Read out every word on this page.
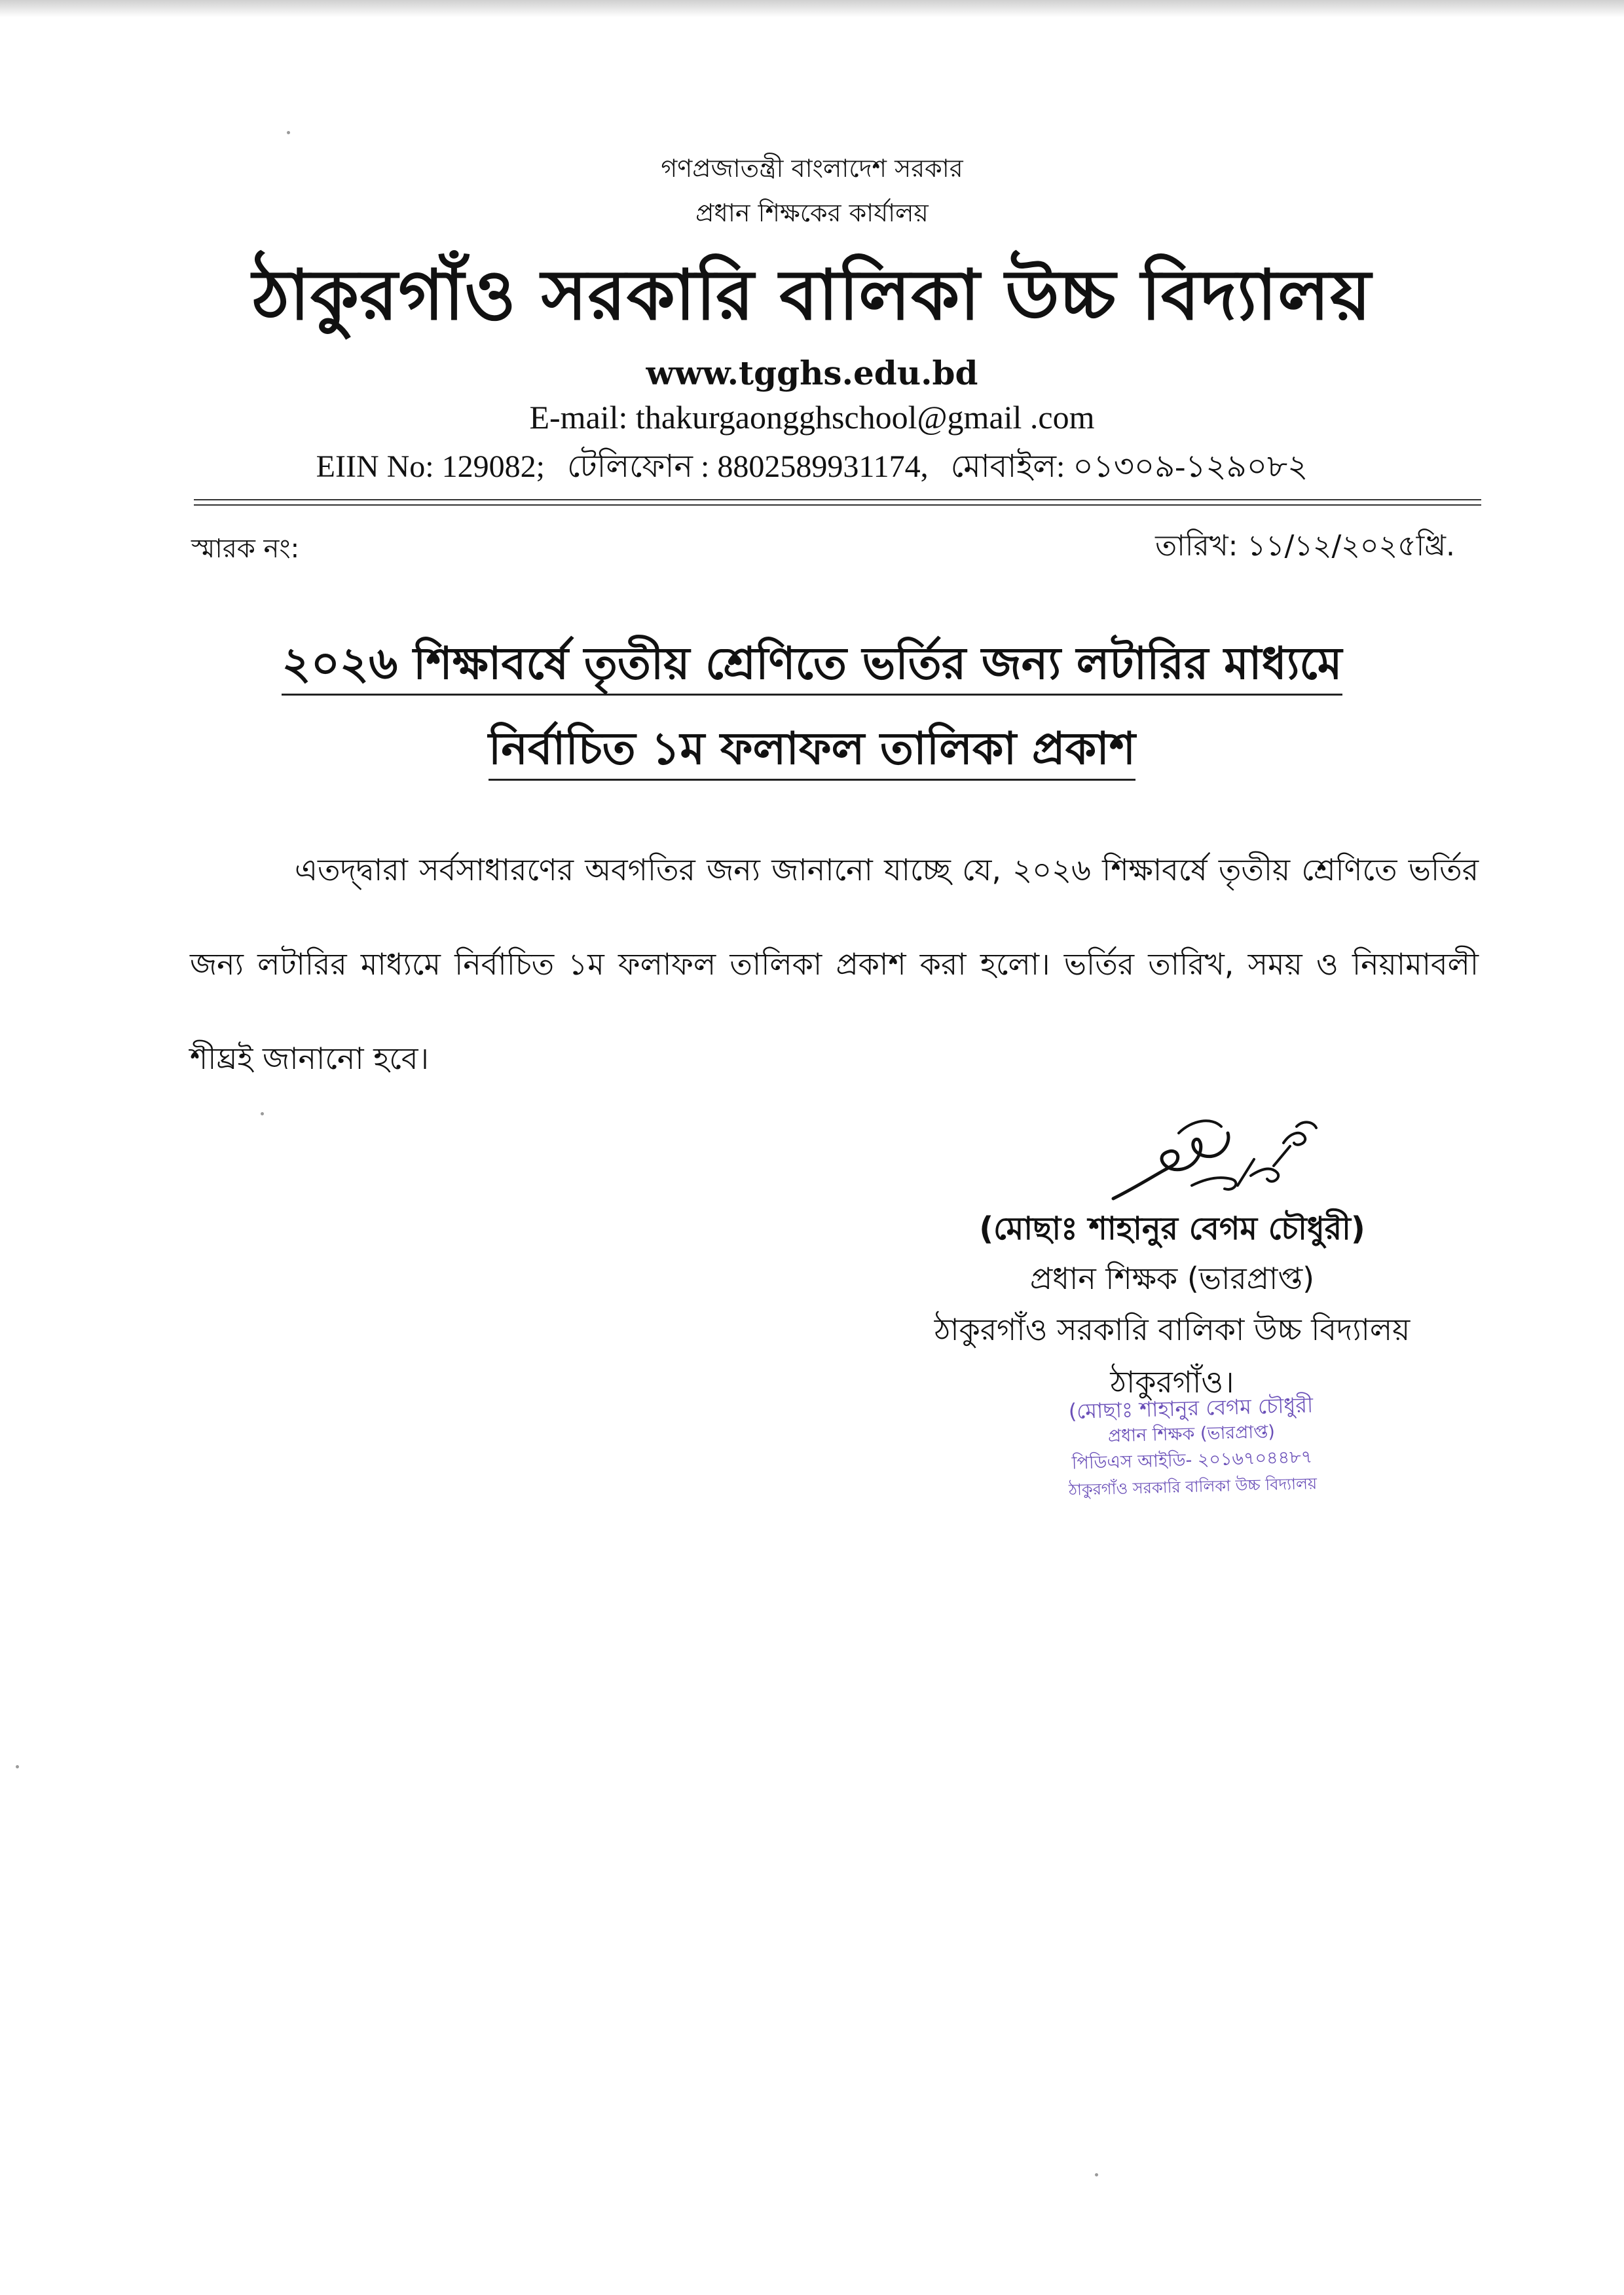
গণপ্রজাতন্ত্রী বাংলাদেশ সরকার
প্রধান শিক্ষকের কার্যালয়
ঠাকুরগাঁও সরকারি বালিকা উচ্চ বিদ্যালয়
www.tgghs.edu.bd
E-mail: thakurgaongghschool@gmail .com
EIIN No: 129082; টেলিফোন : 8802589931174, মোবাইল: ০১৩০৯-১২৯০৮২
স্মারক নং:	তারিখ: ১১/১২/২০২৫খ্রি.
২০২৬ শিক্ষাবর্ষে তৃতীয় শ্রেণিতে ভর্তির জন্য লটারির মাধ্যমে
নির্বাচিত ১ম ফলাফল তালিকা প্রকাশ
এতদ্দ্বারা সর্বসাধারণের অবগতির জন্য জানানো যাচ্ছে যে, ২০২৬ শিক্ষাবর্ষে তৃতীয় শ্রেণিতে ভর্তির জন্য লটারির মাধ্যমে নির্বাচিত ১ম ফলাফল তালিকা প্রকাশ করা হলো। ভর্তির তারিখ, সময় ও নিয়ামাবলী শীঘ্রই জানানো হবে।
(মোছাঃ শাহানুর বেগম চৌধুরী)
প্রধান শিক্ষক (ভারপ্রাপ্ত)
ঠাকুরগাঁও সরকারি বালিকা উচ্চ বিদ্যালয়
ঠাকুরগাঁও।
(মোছাঃ শাহানুর বেগম চৌধুরী
প্রধান শিক্ষক (ভারপ্রাপ্ত)
পিডিএস আইডি- ২০১৬৭০৪৪৮৭
ঠাকুরগাঁও সরকারি বালিকা উচ্চ বিদ্যালয়
